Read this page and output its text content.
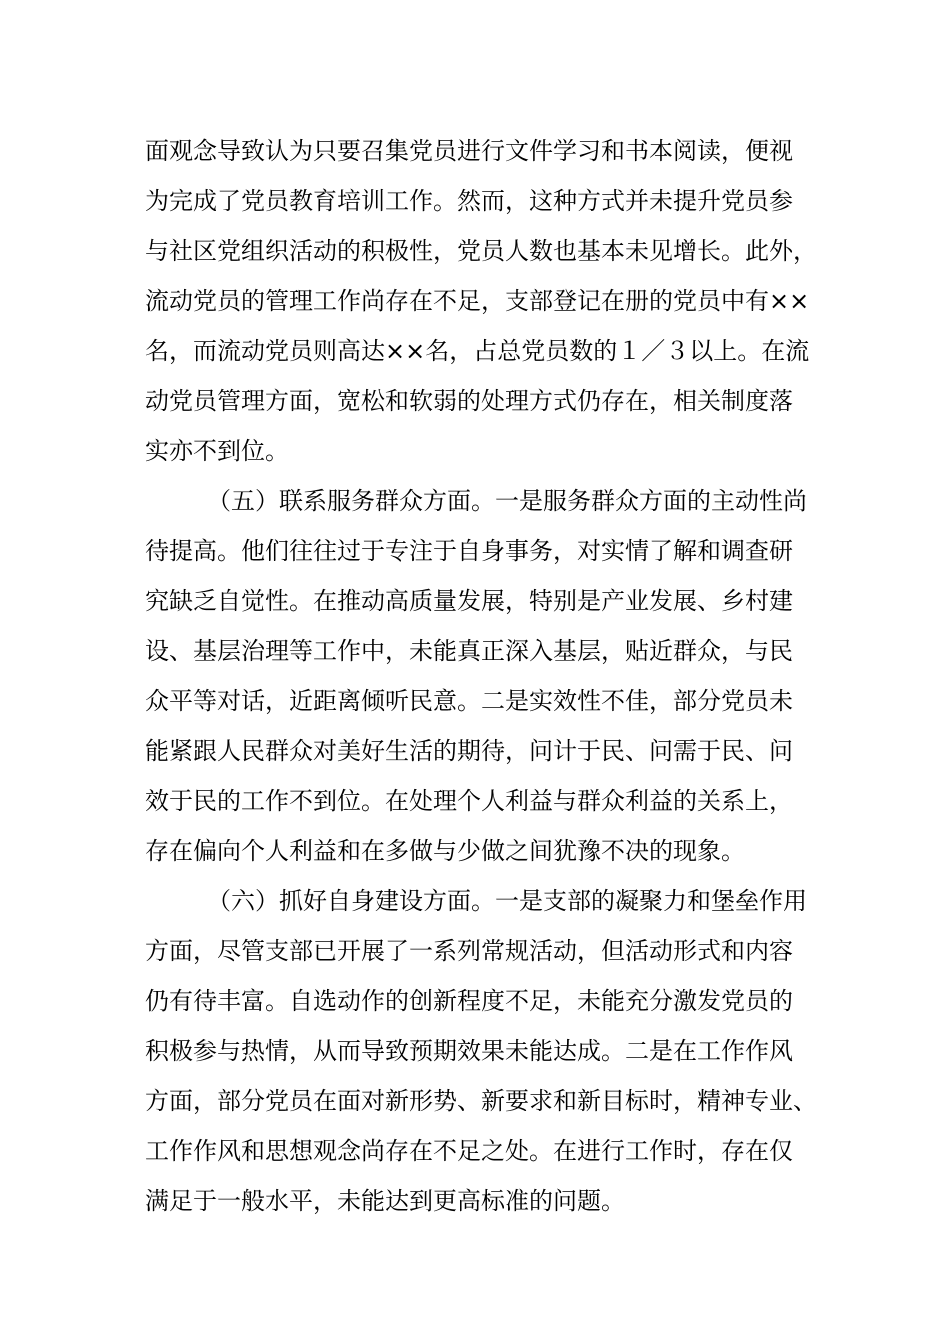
面观念导致认为只要召集党员进行文件学习和书本阅读，便视
为完成了党员教育培训工作。然而，这种方式并未提升党员参
与社区党组织活动的积极性，党员人数也基本未见增长。此外，
流动党员的管理工作尚存在不足，支部登记在册的党员中有××
名，而流动党员则高达××名，占总党员数的１／３以上。在流
动党员管理方面，宽松和软弱的处理方式仍存在，相关制度落
实亦不到位。
（五）联系服务群众方面。一是服务群众方面的主动性尚
待提高。他们往往过于专注于自身事务，对实情了解和调查研
究缺乏自觉性。在推动高质量发展，特别是产业发展、乡村建
设、基层治理等工作中，未能真正深入基层，贴近群众，与民
众平等对话，近距离倾听民意。二是实效性不佳，部分党员未
能紧跟人民群众对美好生活的期待，问计于民、问需于民、问
效于民的工作不到位。在处理个人利益与群众利益的关系上，
存在偏向个人利益和在多做与少做之间犹豫不决的现象。
（六）抓好自身建设方面。一是支部的凝聚力和堡垒作用
方面，尽管支部已开展了一系列常规活动，但活动形式和内容
仍有待丰富。自选动作的创新程度不足，未能充分激发党员的
积极参与热情，从而导致预期效果未能达成。二是在工作作风
方面，部分党员在面对新形势、新要求和新目标时，精神专业、
工作作风和思想观念尚存在不足之处。在进行工作时，存在仅
满足于一般水平，未能达到更高标准的问题。
